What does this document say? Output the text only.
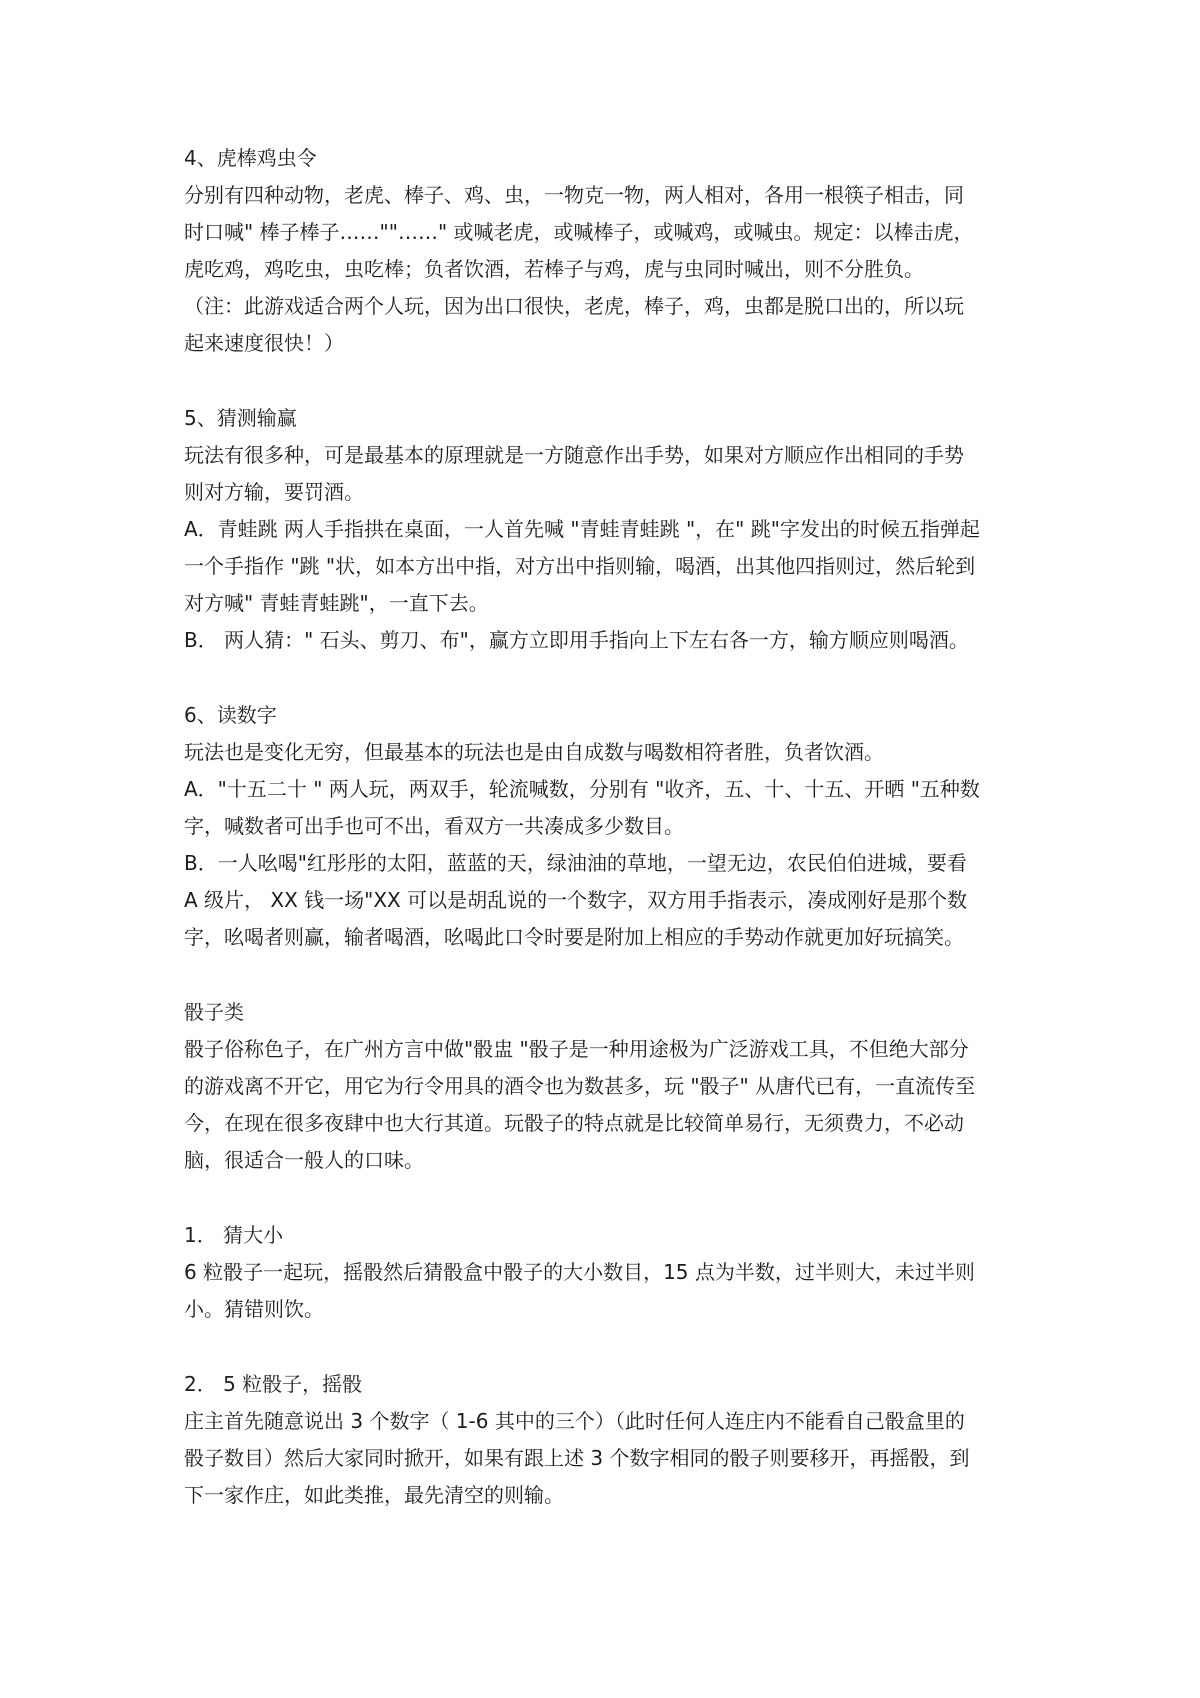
4、虎棒鸡虫令
分别有四种动物，老虎、棒子、鸡、虫，一物克一物，两人相对，各用一根筷子相击，同
时口喊" 棒子棒子……""……" 或喊老虎，或喊棒子，或喊鸡，或喊虫。规定：以棒击虎，
虎吃鸡，鸡吃虫，虫吃棒；负者饮酒，若棒子与鸡，虎与虫同时喊出，则不分胜负。
（注：此游戏适合两个人玩，因为出口很快，老虎，棒子，鸡，虫都是脱口出的，所以玩
起来速度很快！）
5、猜测输赢
玩法有很多种，可是最基本的原理就是一方随意作出手势，如果对方顺应作出相同的手势
则对方输，要罚酒。
A．青蛙跳 两人手指拱在桌面，一人首先喊 "青蛙青蛙跳 "，在" 跳"字发出的时候五指弹起
一个手指作 "跳 "状，如本方出中指，对方出中指则输，喝酒，出其他四指则过，然后轮到
对方喊" 青蛙青蛙跳"，一直下去。
B． 两人猜：" 石头、剪刀、布"，赢方立即用手指向上下左右各一方，输方顺应则喝酒。
6、读数字
玩法也是变化无穷，但最基本的玩法也是由自成数与喝数相符者胜，负者饮酒。
A．"十五二十 " 两人玩，两双手，轮流喊数，分别有 "收齐，五、十、十五、开晒 "五种数
字，喊数者可出手也可不出，看双方一共凑成多少数目。
B．一人吆喝"红彤彤的太阳，蓝蓝的天，绿油油的草地，一望无边，农民伯伯进城，要看
A 级片， XX 钱一场"XX 可以是胡乱说的一个数字，双方用手指表示，凑成刚好是那个数
字，吆喝者则赢，输者喝酒，吆喝此口令时要是附加上相应的手势动作就更加好玩搞笑。
骰子类
骰子俗称色子，在广州方言中做"骰盅 "骰子是一种用途极为广泛游戏工具，不但绝大部分
的游戏离不开它，用它为行令用具的酒令也为数甚多，玩 "骰子" 从唐代已有，一直流传至
今，在现在很多夜肆中也大行其道。玩骰子的特点就是比较简单易行，无须费力，不必动
脑，很适合一般人的口味。
1． 猜大小
6 粒骰子一起玩，摇骰然后猜骰盒中骰子的大小数目，15 点为半数，过半则大，未过半则
小。猜错则饮。
2． 5 粒骰子，摇骰
庄主首先随意说出 3 个数字（ 1-6 其中的三个）（此时任何人连庄内不能看自己骰盒里的
骰子数目）然后大家同时掀开，如果有跟上述 3 个数字相同的骰子则要移开，再摇骰，到
下一家作庄，如此类推，最先清空的则输。
